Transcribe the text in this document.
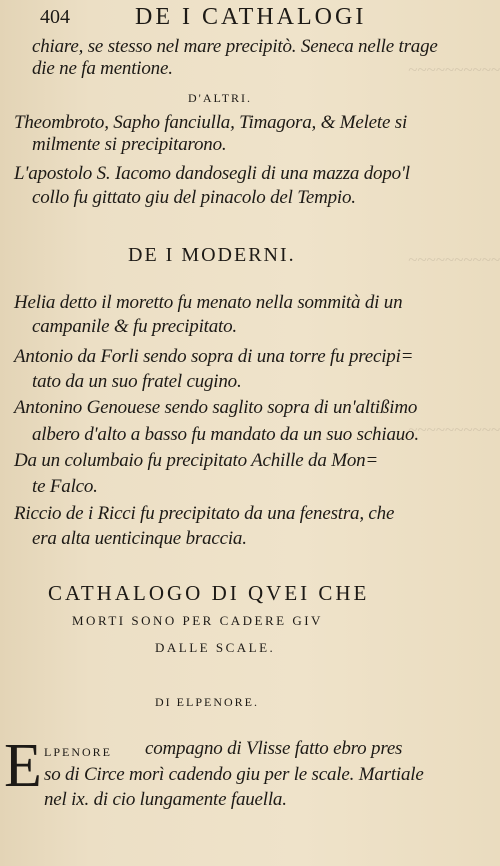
~~~~~~~~~~
~~~~~~~~~~
~~~~~~~~~~
404	DE I CATHALOGI
chiare, se stesso nel mare precipitò. Seneca nelle trage
die ne fa mentione.
D'ALTRI.
Theombroto, Sapho fanciulla, Timagora, & Melete si
milmente si precipitarono.
L'apostolo S. Iacomo dandosegli di una mazza dopo'l
collo fu gittato giu del pinacolo del Tempio.
DE I MODERNI.
Helia detto il moretto fu menato nella sommità di un
campanile & fu precipitato.
Antonio da Forli sendo sopra di una torre fu precipi=
tato da un suo fratel cugino.
Antonino Genouese sendo saglito sopra di un'altißimo
albero d'alto a basso fu mandato da un suo schiauo.
Da un columbaio fu precipitato Achille da Mon=
te Falco.
Riccio de i Ricci fu precipitato da una fenestra, che
era alta uenticinque braccia.
CATHALOGO DI QVEI CHE
MORTI SONO PER CADERE GIV
DALLE SCALE.
DI ELPENORE.
E LPENORE compagno di Vlisse fatto ebro pres
so di Circe morì cadendo giu per le scale. Martiale
nel ix. di cio lungamente fauella.
